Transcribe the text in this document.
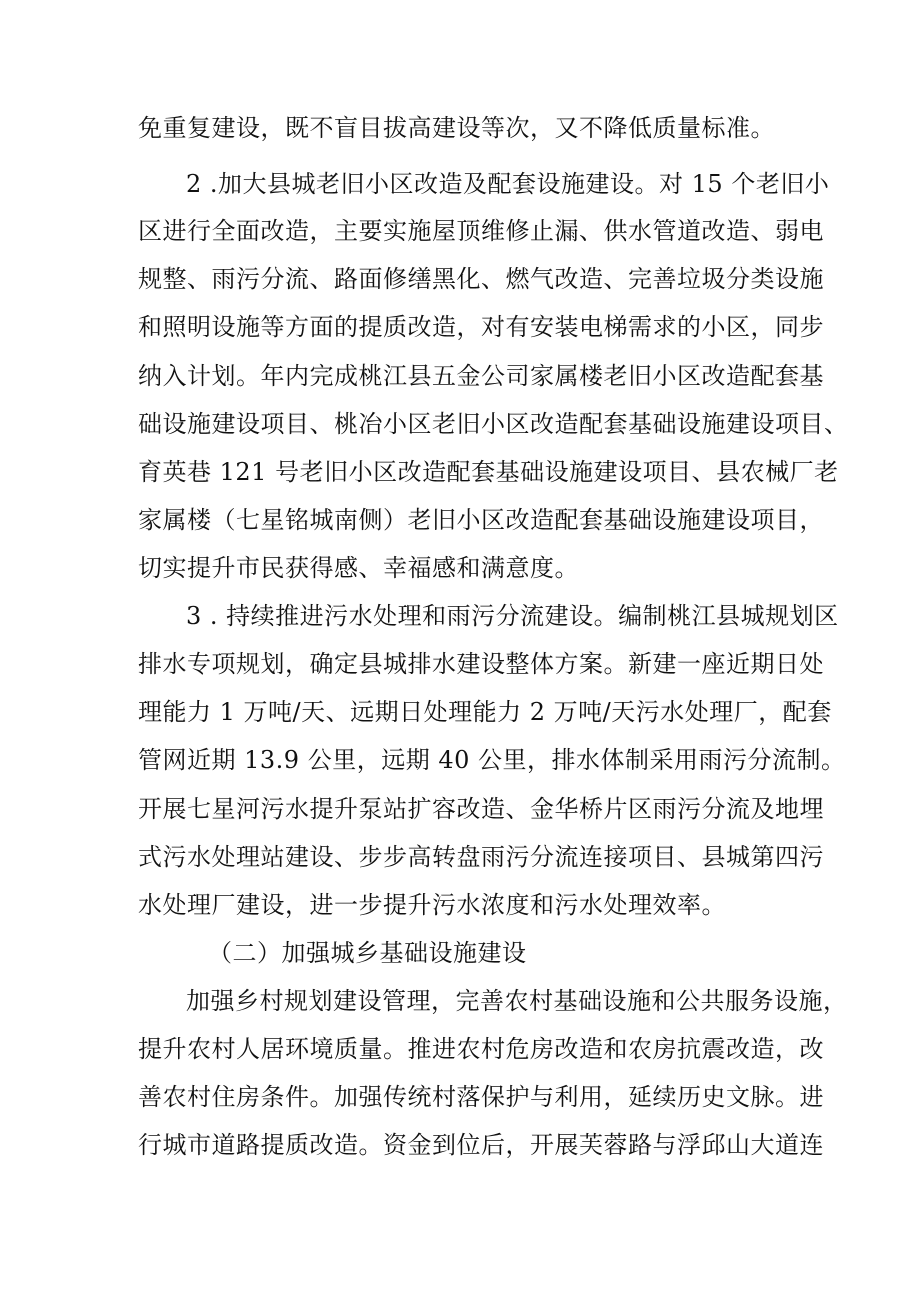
免重复建设，既不盲目拔高建设等次，又不降低质量标准。
2 .加大县城老旧小区改造及配套设施建设。对 15 个老旧小
区进行全面改造，主要实施屋顶维修止漏、供水管道改造、弱电
规整、雨污分流、路面修缮黑化、燃气改造、完善垃圾分类设施
和照明设施等方面的提质改造，对有安装电梯需求的小区，同步
纳入计划。年内完成桃江县五金公司家属楼老旧小区改造配套基
础设施建设项目、桃冶小区老旧小区改造配套基础设施建设项目、
育英巷 121 号老旧小区改造配套基础设施建设项目、县农械厂老
家属楼（七星铭城南侧）老旧小区改造配套基础设施建设项目，
切实提升市民获得感、幸福感和满意度。
3 . 持续推进污水处理和雨污分流建设。编制桃江县城规划区
排水专项规划，确定县城排水建设整体方案。新建一座近期日处
理能力 1 万吨/天、远期日处理能力 2 万吨/天污水处理厂，配套
管网近期 13.9 公里，远期 40 公里，排水体制采用雨污分流制。
开展七星河污水提升泵站扩容改造、金华桥片区雨污分流及地埋
式污水处理站建设、步步高转盘雨污分流连接项目、县城第四污
水处理厂建设，进一步提升污水浓度和污水处理效率。
（二）加强城乡基础设施建设
加强乡村规划建设管理，完善农村基础设施和公共服务设施，
提升农村人居环境质量。推进农村危房改造和农房抗震改造，改
善农村住房条件。加强传统村落保护与利用，延续历史文脉。进
行城市道路提质改造。资金到位后，开展芙蓉路与浮邱山大道连
